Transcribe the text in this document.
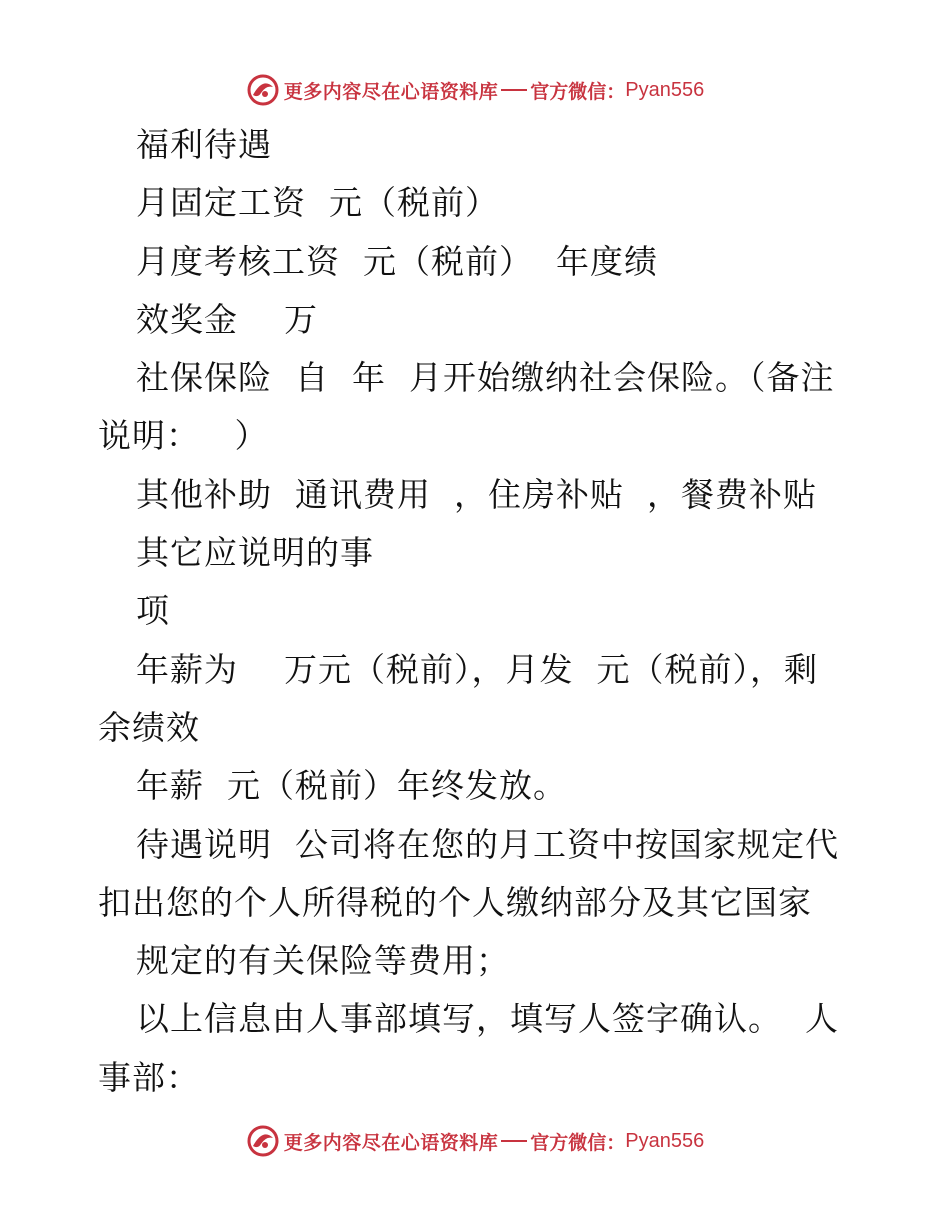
更多内容尽在心语资料库 官方微信： Pyan556
福利待遇
月固定工资  元（税前）
月度考核工资  元（税前）  年度绩
效奖金    万
社保保险  自  年  月开始缴纳社会保险。（备注
说明：   ）
其他补助  通讯费用  ，住房补贴  ，餐费补贴
其它应说明的事
项
年薪为    万元（税前），月发  元（税前），剩
余绩效
年薪  元（税前）年终发放。
待遇说明  公司将在您的月工资中按国家规定代
扣出您的个人所得税的个人缴纳部分及其它国家
规定的有关保险等费用；
以上信息由人事部填写，填写人签字确认。  人
事部：
更多内容尽在心语资料库 官方微信： Pyan556
